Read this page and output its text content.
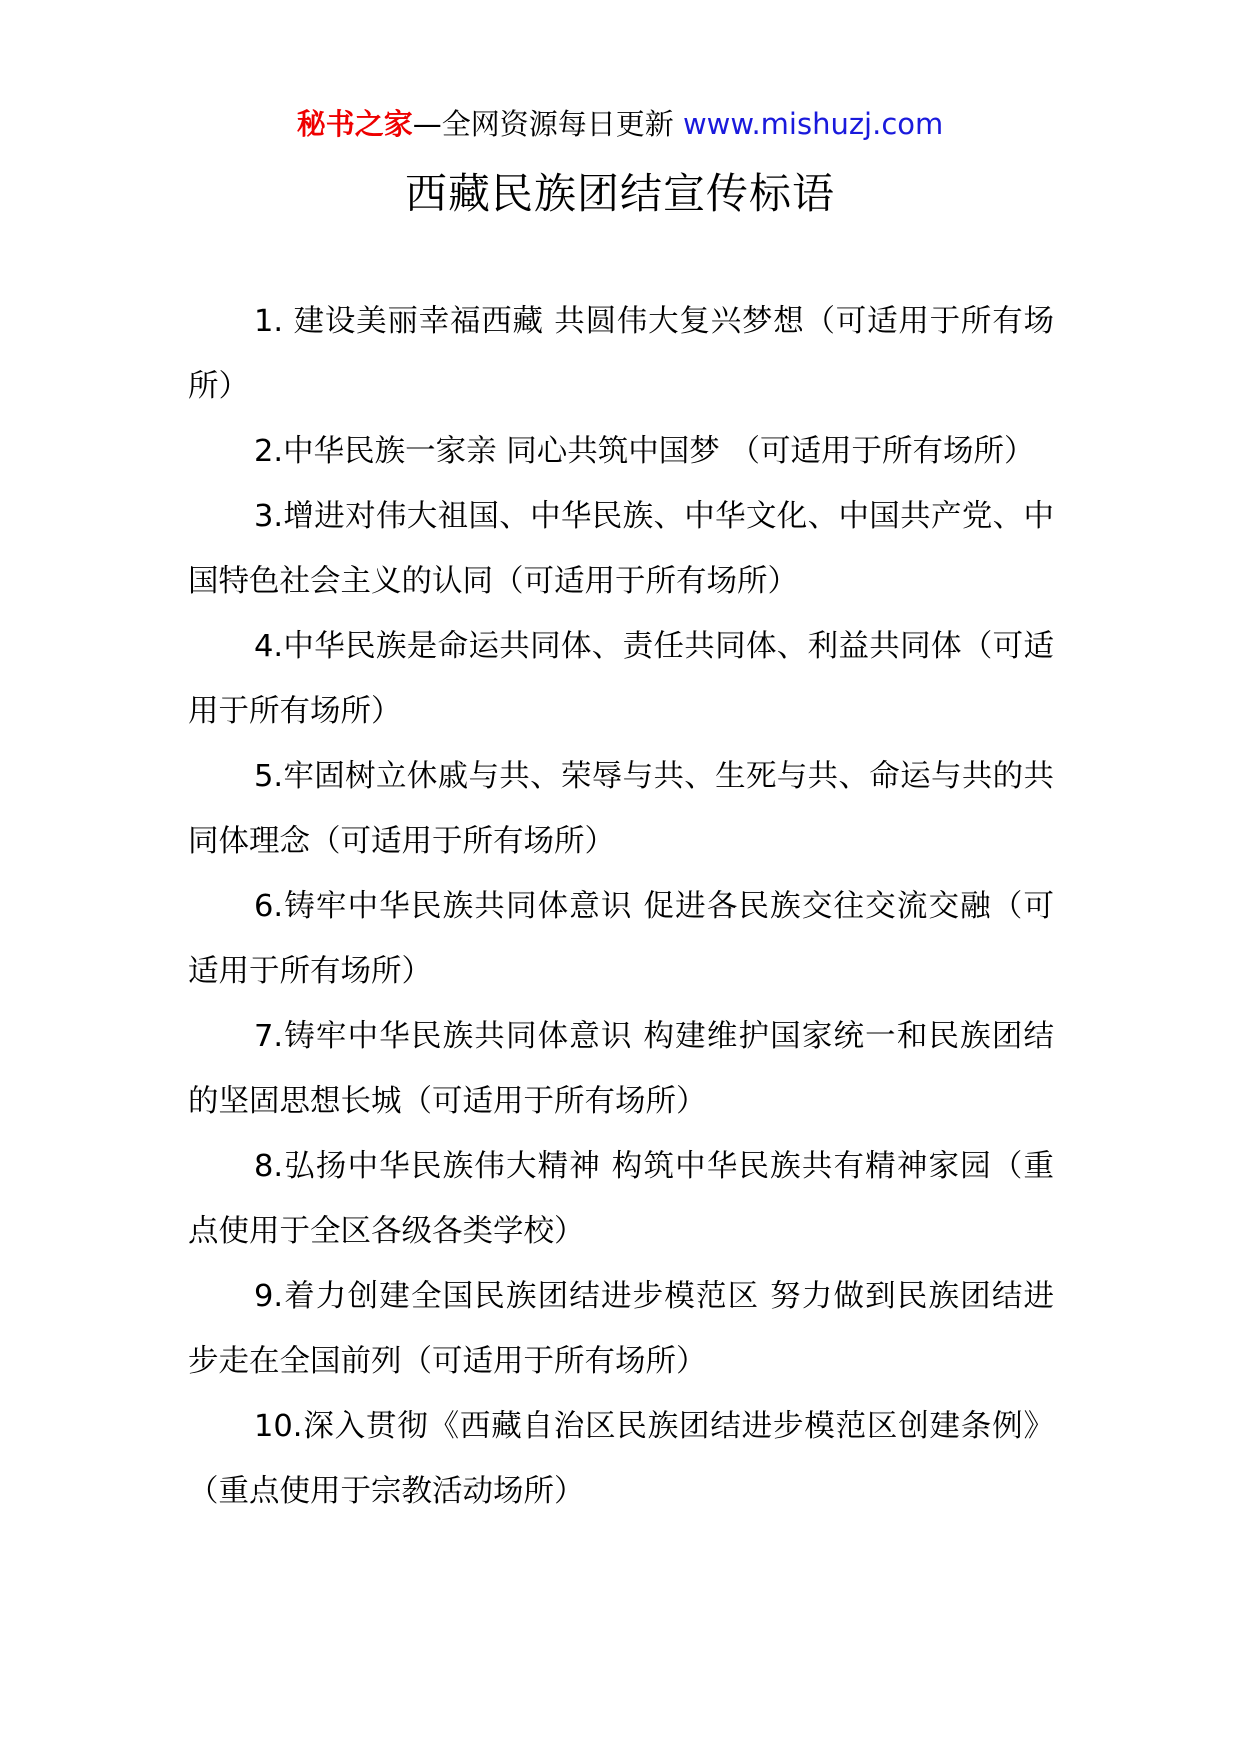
秘书之家—全网资源每日更新 www.mishuzj.com
西藏民族团结宣传标语
1. 建设美丽幸福西藏 共圆伟大复兴梦想（可适用于所有场所）
2.中华民族一家亲 同心共筑中国梦 （可适用于所有场所）
3.增进对伟大祖国、中华民族、中华文化、中国共产党、中国特色社会主义的认同（可适用于所有场所）
4.中华民族是命运共同体、责任共同体、利益共同体（可适用于所有场所）
5.牢固树立休戚与共、荣辱与共、生死与共、命运与共的共同体理念（可适用于所有场所）
6.铸牢中华民族共同体意识 促进各民族交往交流交融（可适用于所有场所）
7.铸牢中华民族共同体意识 构建维护国家统一和民族团结的坚固思想长城（可适用于所有场所）
8.弘扬中华民族伟大精神 构筑中华民族共有精神家园（重点使用于全区各级各类学校）
9.着力创建全国民族团结进步模范区 努力做到民族团结进步走在全国前列（可适用于所有场所）
10.深入贯彻《西藏自治区民族团结进步模范区创建条例》（重点使用于宗教活动场所）
